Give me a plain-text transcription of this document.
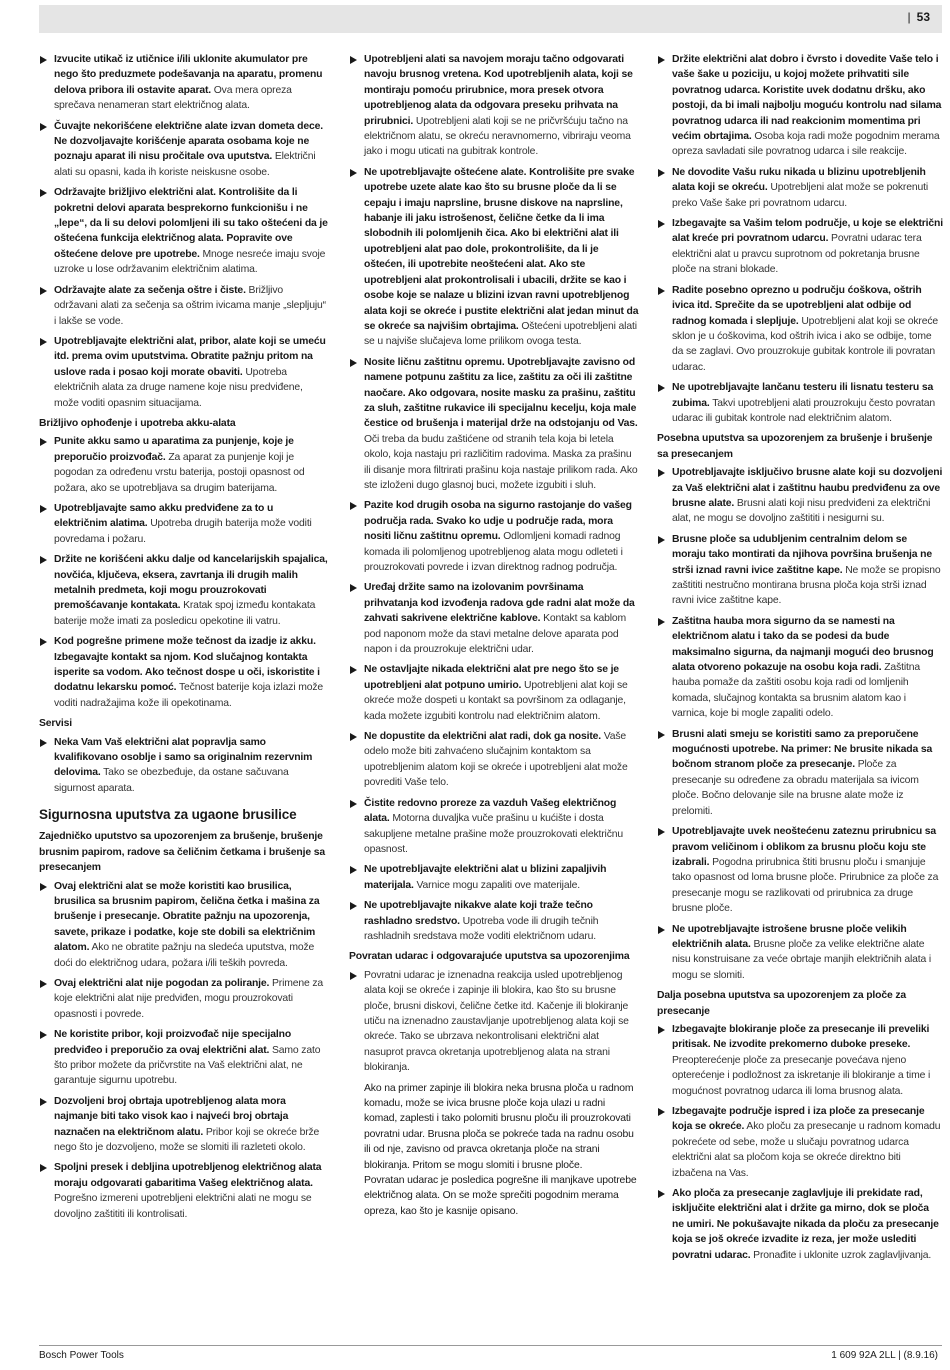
| 53
Izvucite utikač iz utičnice i/ili uklonite akumulator pre nego što preduzmete podešavanja na aparatu, promenu delova pribora ili ostavite aparat. Ova mera opreza sprečava nenameran start električnog alata.
Čuvajte nekorišćene električne alate izvan dometa dece. Ne dozvoljavajte korišćenje aparata osobama koje ne poznaju aparat ili nisu pročitale ova uputstva. Električni alati su opasni, kada ih koriste neiskusne osobe.
Održavajte brižljivo električni alat. Kontrolišite da li pokretni delovi aparata besprekorno funkcionišu i ne „lepe“, da li su delovi polomljeni ili su tako oštećeni da je oštećena funkcija električnog alata. Popravite ove oštećene delove pre upotrebe. Mnoge nesreće imaju svoje uzroke u lose održavanim električnim alatima.
Održavajte alate za sečenja oštre i čiste. Brižljivo održavani alati za sečenja sa oštrim ivicama manje „slepljuju“ i lakše se vode.
Upotrebljavajte električni alat, pribor, alate koji se umeću itd. prema ovim uputstvima. Obratite pažnju pritom na uslove rada i posao koji morate obaviti. Upotreba električnih alata za druge namene koje nisu predviđene, može voditi opasnim situacijama.
Brižljivo ophođenje i upotreba akku-alata
Punite akku samo u aparatima za punjenje, koje je preporučio proizvođač. Za aparat za punjenje koji je pogodan za određenu vrstu baterija, postoji opasnost od požara, ako se upotrebljava sa drugim baterijama.
Upotrebljavajte samo akku predviđene za to u električnim alatima. Upotreba drugih baterija može voditi povredama i požaru.
Držite ne korišćeni akku dalje od kancelarijskih spajalica, novčića, ključeva, eksera, zavrtanja ili drugih malih metalnih predmeta, koji mogu prouzrokovati premošćavanje kontakata. Kratak spoj između kontakata baterije može imati za posledicu opekotine ili vatru.
Kod pogrešne primene može tečnost da izadje iz akku. Izbegavajte kontakt sa njom. Kod slučajnog kontakta isperite sa vodom. Ako tečnost dospe u oči, iskoristite i dodatnu lekarsku pomoć. Tečnost baterije koja izlazi može voditi nadražajima kože ili opekotinama.
Servisi
Neka Vam Vaš električni alat popravlja samo kvalifikovano osoblje i samo sa originalnim rezervnim delovima. Tako se obezbeđuje, da ostane sačuvana sigurnost aparata.
Sigurnosna uputstva za ugaone brusilice
Zajedničko uputstvo sa upozorenjem za brušenje, brušenje brusnim papirom, radove sa čeličnim četkama i brušenje sa presecanjem
Ovaj električni alat se može koristiti kao brusilica, brusilica sa brusnim papirom, čelična četka i mašina za brušenje i presecanje. Obratite pažnju na upozorenja, savete, prikaze i podatke, koje ste dobili sa električnim alatom. Ako ne obratite pažnju na sledeća uputstva, može doći do električnog udara, požara i/ili teških povreda.
Ovaj električni alat nije pogodan za poliranje. Primene za koje električni alat nije predviđen, mogu prouzrokovati opasnosti i povrede.
Ne koristite pribor, koji proizvođač nije specijalno predviđeo i preporučio za ovaj električni alat. Samo zato što pribor možete da pričvrstite na Vaš električni alat, ne garantuje sigurnu upotrebu.
Dozvoljeni broj obrtaja upotrebljenog alata mora najmanje biti tako visok kao i najveći broj obrtaja naznačen na električnom alatu. Pribor koji se okreće brže nego što je dozvoljeno, može se slomiti ili razleteti okolo.
Spoljni presek i debljina upotrebljenog električnog alata moraju odgovarati gabaritima Vašeg električnog alata. Pogrešno izmereni upotrebljeni električni alati ne mogu se dovoljno zaštititi ili kontrolisati.
Upotrebljeni alati sa navojem moraju tačno odgovarati navoju brusnog vretena. Kod upotrebljenih alata, koji se montiraju pomoću prirubnice, mora presek otvora upotrebljenog alata da odgovara preseku prihvata na prirubnici. Upotrebljeni alati koji se ne pričvršćuju tačno na električnom alatu, se okreću neravnomerno, vibriraju veoma jako i mogu uticati na gubitrak kontrole.
Ne upotrebljavajte oštećene alate. Kontrolišite pre svake upotrebe uzete alate kao što su brusne ploče da li se cepaju i imaju naprsline, brusne diskove na naprsline, habanje ili jaku istrošenost, čelične četke da li ima slobodnih ili polomljenih čica. Ako bi električni alat ili upotrebljeni alat pao dole, prokontrolišite, da li je oštećen, ili upotrebite neoštećeni alat. Ako ste upotrebljeni alat prokontrolisali i ubacili, držite se kao i osobe koje se nalaze u blizini izvan ravni upotrebljenog alata koji se okreće i pustite električni alat jedan minut da se okreće sa najvišim obrtajima. Oštećeni upotrebljeni alati se u najviše slučajeva lome prilikom ovoga testa.
Nosite ličnu zaštitnu opremu. Upotrebljavajte zavisno od namene potpunu zaštitu za lice, zaštitu za oči ili zaštitne naočare. Ako odgovara, nosite masku za prašinu, zaštitu za sluh, zaštitne rukavice ili specijalnu kecelju, koja male čestice od brušenja i materijal drže na odstojanju od Vas. Oči treba da budu zaštićene od stranih tela koja bi letela okolo, koja nastaju pri različitim radovima. Maska za prašinu ili disanje mora filtrirati prašinu koja nastaje prilikom rada. Ako ste izloženi dugo glasnoj buci, možete izgubiti i sluh.
Pazite kod drugih osoba na sigurno rastojanje do vašeg područja rada. Svako ko udje u područje rada, mora nositi ličnu zaštitnu opremu. Odlomljeni komadi radnog komada ili polomljenog upotrebljenog alata mogu odleteti i prouzrokovati povrede i izvan direktnog radnog područja.
Uređaj držite samo na izolovanim površinama prihvatanja kod izvođenja radova gde radni alat može da zahvati sakrivene električne kablove. Kontakt sa kablom pod naponom može da stavi metalne delove aparata pod napon i da prouzrokuje električni udar.
Ne ostavljajte nikada električni alat pre nego što se je upotrebljeni alat potpuno umirio. Upotrebljeni alat koji se okreće može dospeti u kontakt sa površinom za odlaganje, kada možete izgubiti kontrolu nad električnim alatom.
Ne dopustite da električni alat radi, dok ga nosite. Vaše odelo može biti zahvaćeno slučajnim kontaktom sa upotrebljenim alatom koji se okreće i upotrebljeni alat može povrediti Vaše telo.
Čistite redovno proreze za vazduh Vašeg električnog alata. Motorna duvaljka vuče prašinu u kućište i dosta sakupljene metalne prašine može prouzrokovati električnu opasnost.
Ne upotrebljavajte električni alat u blizini zapaljivih materijala. Varnice mogu zapaliti ove materijale.
Ne upotrebljavajte nikakve alate koji traže tečno rashladno sredstvo. Upotreba vode ili drugih tečnih rashladnih sredstava može voditi električnom udaru.
Povratan udarac i odgovarajuće uputstva sa upozorenjima
Povratni udarac je iznenadna reakcija usled upotrebljenog alata koji se okreće i zapinje ili blokira, kao što su brusne ploče, brusni diskovi, čelične četke itd. Kačenje ili blokiranje utiču na iznenadno zaustavljanje upotrebljenog alata koji se okreće. Tako se ubrzava nekontrolisani električni alat nasuprot pravca okretanja upotrebljenog alata na strani blokiranja.
Ako na primer zapinje ili blokira neka brusna ploča u radnom komadu, može se ivica brusne ploče koja ulazi u radni komad, zaplesti i tako polomiti brusnu ploču ili prouzrokovati povratni udar. Brusna ploča se pokreće tada na radnu osobu ili od nje, zavisno od pravca okretanja ploče na strani blokiranja. Pritom se mogu slomiti i brusne ploče.
Povratan udarac je posledica pogrešne ili manjkave upotrebe električnog alata. On se može sprečiti pogodnim merama opreza, kao što je kasnije opisano.
Držite električni alat dobro i čvrsto i dovedite Vaše telo i vaše šake u poziciju, u kojoj možete prihvatiti sile povratnog udarca. Koristite uvek dodatnu dršku, ako postoji, da bi imali najbolju moguću kontrolu nad silama povratnog udarca ili nad reakcionim momentima pri većim obrtajima. Osoba koja radi može pogodnim merama opreza savladati sile povratnog udarca i sile reakcije.
Ne dovodite Vašu ruku nikada u blizinu upotrebljenih alata koji se okreću. Upotrebljeni alat može se pokrenuti preko Vaše šake pri povratnom udarcu.
Izbegavajte sa Vašim telom područje, u koje se električni alat kreće pri povratnom udarcu. Povratni udarac tera električni alat u pravcu suprotnom od pokretanja brusne ploče na strani blokade.
Radite posebno oprezno u području ćoškova, oštrih ivica itd. Sprečite da se upotrebljeni alat odbije od radnog komada i slepljuje. Upotrebljeni alat koji se okreće sklon je u ćoškovima, kod oštrih ivica i ako se odbije, tome da se zaglavi. Ovo prouzrokuje gubitak kontrole ili povratan udarac.
Ne upotrebljavajte lančanu testeru ili lisnatu testeru sa zubima. Takvi upotrebljeni alati prouzrokuju često povratan udarac ili gubitak kontrole nad električnim alatom.
Posebna uputstva sa upozorenjem za brušenje i brušenje sa presecanjem
Upotrebljavajte isključivo brusne alate koji su dozvoljeni za Vaš električni alat i zaštitnu haubu predviđenu za ove brusne alate. Brusni alati koji nisu predviđeni za električni alat, ne mogu se dovoljno zaštititi i nesigurni su.
Brusne ploče sa udubljenim centralnim delom se moraju tako montirati da njihova površina brušenja ne strši iznad ravni ivice zaštitne kape. Ne može se propisno zaštititi nestručno montirana brusna ploča koja strši iznad ravni ivice zaštitne kape.
Zaštitna hauba mora sigurno da se namesti na električnom alatu i tako da se podesi da bude maksimalno sigurna, da najmanji mogući deo brusnog alata otvoreno pokazuje na osobu koja radi. Zaštitna hauba pomaže da zaštiti osobu koja radi od lomljenih komada, slučajnog kontakta sa brusnim alatom kao i varnica, koje bi mogle zapaliti odelo.
Brusni alati smeju se koristiti samo za preporučene mogućnosti upotrebe. Na primer: Ne brusite nikada sa bočnom stranom ploče za presecanje. Ploče za presecanje su određene za obradu materijala sa ivicom ploče. Bočno delovanje sile na brusne alate može iz prelomiti.
Upotrebljavajte uvek neoštećenu zateznu prirubnicu sa pravom veličinom i oblikom za brusnu ploču koju ste izabrali. Pogodna prirubnica štiti brusnu ploču i smanjuje tako opasnost od loma brusne ploče. Prirubnice za ploče za presecanje mogu se razlikovati od prirubnica za druge brusne ploče.
Ne upotrebljavajte istrošene brusne ploče velikih električnih alata. Brusne ploče za velike električne alate nisu konstruisane za veće obrtaje manjih električnih alata i mogu se slomiti.
Dalja posebna uputstva sa upozorenjem za ploče za presecanje
Izbegavajte blokiranje ploče za presecanje ili preveliki pritisak. Ne izvodite prekomerno duboke preseke. Preopterećenje ploče za presecanje povećava njeno opterećenje i podložnost za iskretanje ili blokiranje a time i mogućnost povratnog udarca ili loma brusnog alata.
Izbegavajte područje ispred i iza ploče za presecanje koja se okreće. Ako ploču za presecanje u radnom komadu pokrećete od sebe, može u slučaju povratnog udarca električni alat sa pločom koja se okreće direktno biti izbačena na Vas.
Ako ploča za presecanje zaglavljuje ili prekidate rad, isključite električni alat i držite ga mirno, dok se ploča ne umiri. Ne pokušavajte nikada da ploču za presecanje koja se još okreće izvadite iz reza, jer može uslediti povratni udarac. Pronađite i uklonite uzrok zaglavljivanja.
Bosch Power Tools	1 609 92A 2LL | (8.9.16)
